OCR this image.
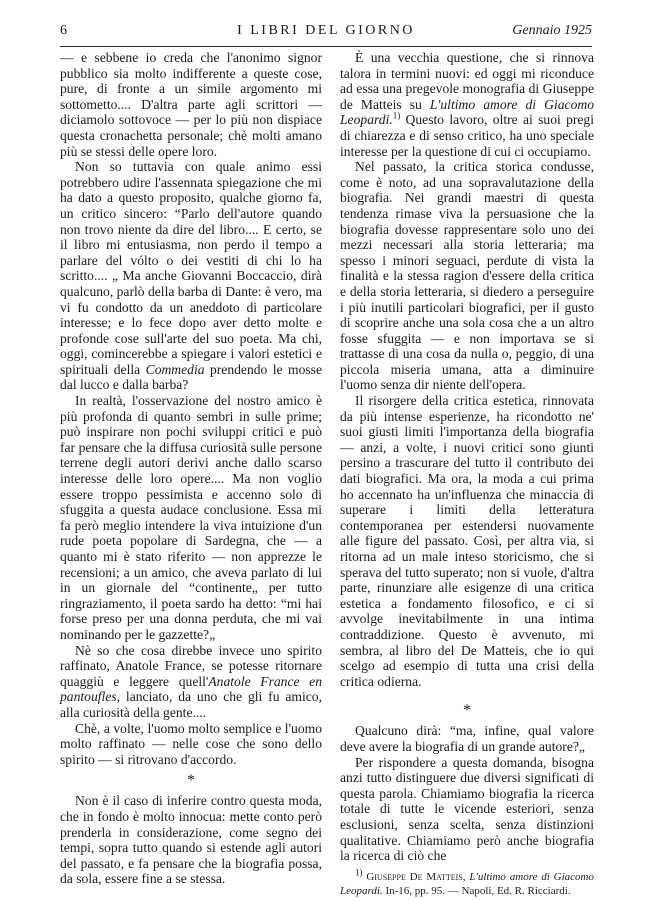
6	I LIBRI DEL GIORNO	Gennaio 1925

— e sebbene io creda che l'anonimo signor pubblico sia molto indifferente a queste cose, pure, di fronte a un simile argomento mi sottometto.... D'altra parte agli scrittori — diciamolo sottovoce — per lo più non dispiace questa cronachetta personale; chè molti amano più se stessi delle opere loro.

Non so tuttavia con quale animo essi potrebbero udire l'assennata spiegazione che mi ha dato a questo proposito, qualche giorno fa, un critico sincero: “Parlo dell'autore quando non trovo niente da dire del libro.... E certo, se il libro mi entusiasma, non perdo il tempo a parlare del vólto o dei vestiti di chi lo ha scritto.... „ Ma anche Giovanni Boccaccio, dirà qualcuno, parlò della barba di Dante: è vero, ma vi fu condotto da un aneddoto di particolare interesse; e lo fece dopo aver detto molte e profonde cose sull'arte del suo poeta. Ma chi, oggi, comincerebbe a spiegare i valori estetici e spirituali della Commedia prendendo le mosse dal lucco e dalla barba?

In realtà, l'osservazione del nostro amico è più profonda di quanto sembri in sulle prime; può inspirare non pochi sviluppi critici e può far pensare che la diffusa curiosità sulle persone terrene degli autori derivi anche dallo scarso interesse delle loro opere.... Ma non voglio essere troppo pessimista e accenno solo di sfuggita a questa audace conclusione. Essa mi fa però meglio intendere la viva intuizione d'un rude poeta popolare di Sardegna, che — a quanto mi è stato riferito — non apprezze le recensioni; a un amico, che aveva parlato di lui in un giornale del “continente„ per tutto ringraziamento, il poeta sardo ha detto: “mi hai forse preso per una donna perduta, che mi vai nominando per le gazzette?„

Nè so che cosa direbbe invece uno spirito raffinato, Anatole France, se potesse ritornare quaggiù e leggere quell'Anatole France en pantoufles, lanciato, da uno che gli fu amico, alla curiosità della gente....

Chè, a volte, l'uomo molto semplice e l'uomo molto raffinato — nelle cose che sono dello spirito — si ritrovano d'accordo.

*

Non è il caso di inferire contro questa moda, che in fondo è molto innocua: mette conto però prenderla in considerazione, come segno dei tempi, sopra tutto quando si estende agli autori del passato, e fa pensare che la biografia possa, da sola, essere fine a se stessa.

È una vecchia questione, che si rinnova talora in termini nuovi: ed oggi mi riconduce ad essa una pregevole monografia di Giuseppe de Matteis su L'ultimo amore di Giacomo Leopardi.$^{1)}$ Questo lavoro, oltre ai suoi pregi di chiarezza e di senso critico, ha uno speciale interesse per la questione di cui ci occupiamo.

Nel passato, la critica storica condusse, come è noto, ad una sopravalutazione della biografia. Nei grandi maestri di questa tendenza rimase viva la persuasione che la biografia dovesse rappresentare solo uno dei mezzi necessari alla storia letteraria; ma spesso i minori seguaci, perdute di vista la finalità e la stessa ragion d'essere della critica e della storia letteraria, si diedero a perseguire i più inutili particolari biografici, per il gusto di scoprire anche una sola cosa che a un altro fosse sfuggita — e non importava se si trattasse di una cosa da nulla o, peggio, di una piccola miseria umana, atta a diminuire l'uomo senza dir niente dell'opera.

Il risorgere della critica estetica, rinnovata da più intense esperienze, ha ricondotto ne' suoi giusti limiti l'importanza della biografia — anzi, a volte, i nuovi critici sono giunti persino a trascurare del tutto il contributo dei dati biografici. Ma ora, la moda a cui prima ho accennato ha un'influenza che minaccia di superare i limiti della letteratura contemporanea per estendersi nuovamente alle figure del passato. Così, per altra via, si ritorna ad un male inteso storicismo, che si sperava del tutto superato; non si vuole, d'altra parte, rinunziare alle esigenze di una critica estetica a fondamento filosofico, e ci si avvolge inevitabilmente in una intima contraddizione. Questo è avvenuto, mi sembra, al libro del De Matteis, che io qui scelgo ad esempio di tutta una crisi della critica odierna.

*

Qualcuno dirà: “ma, infine, qual valore deve avere la biografia di un grande autore?„

Per rispondere a questa domanda, bisogna anzi tutto distinguere due diversi significati di questa parola. Chiamiamo biografia la ricerca totale di tutte le vicende esteriori, senza esclusioni, senza scelta, senza distinzioni qualitative. Chiamiamo però anche biografia la ricerca di ciò che

$^{1)}$ Giuseppe De Matteis, L'ultimo amore di Giacomo Leopardi. In-16, pp. 95. — Napoli, Ed. R. Ricciardi.
